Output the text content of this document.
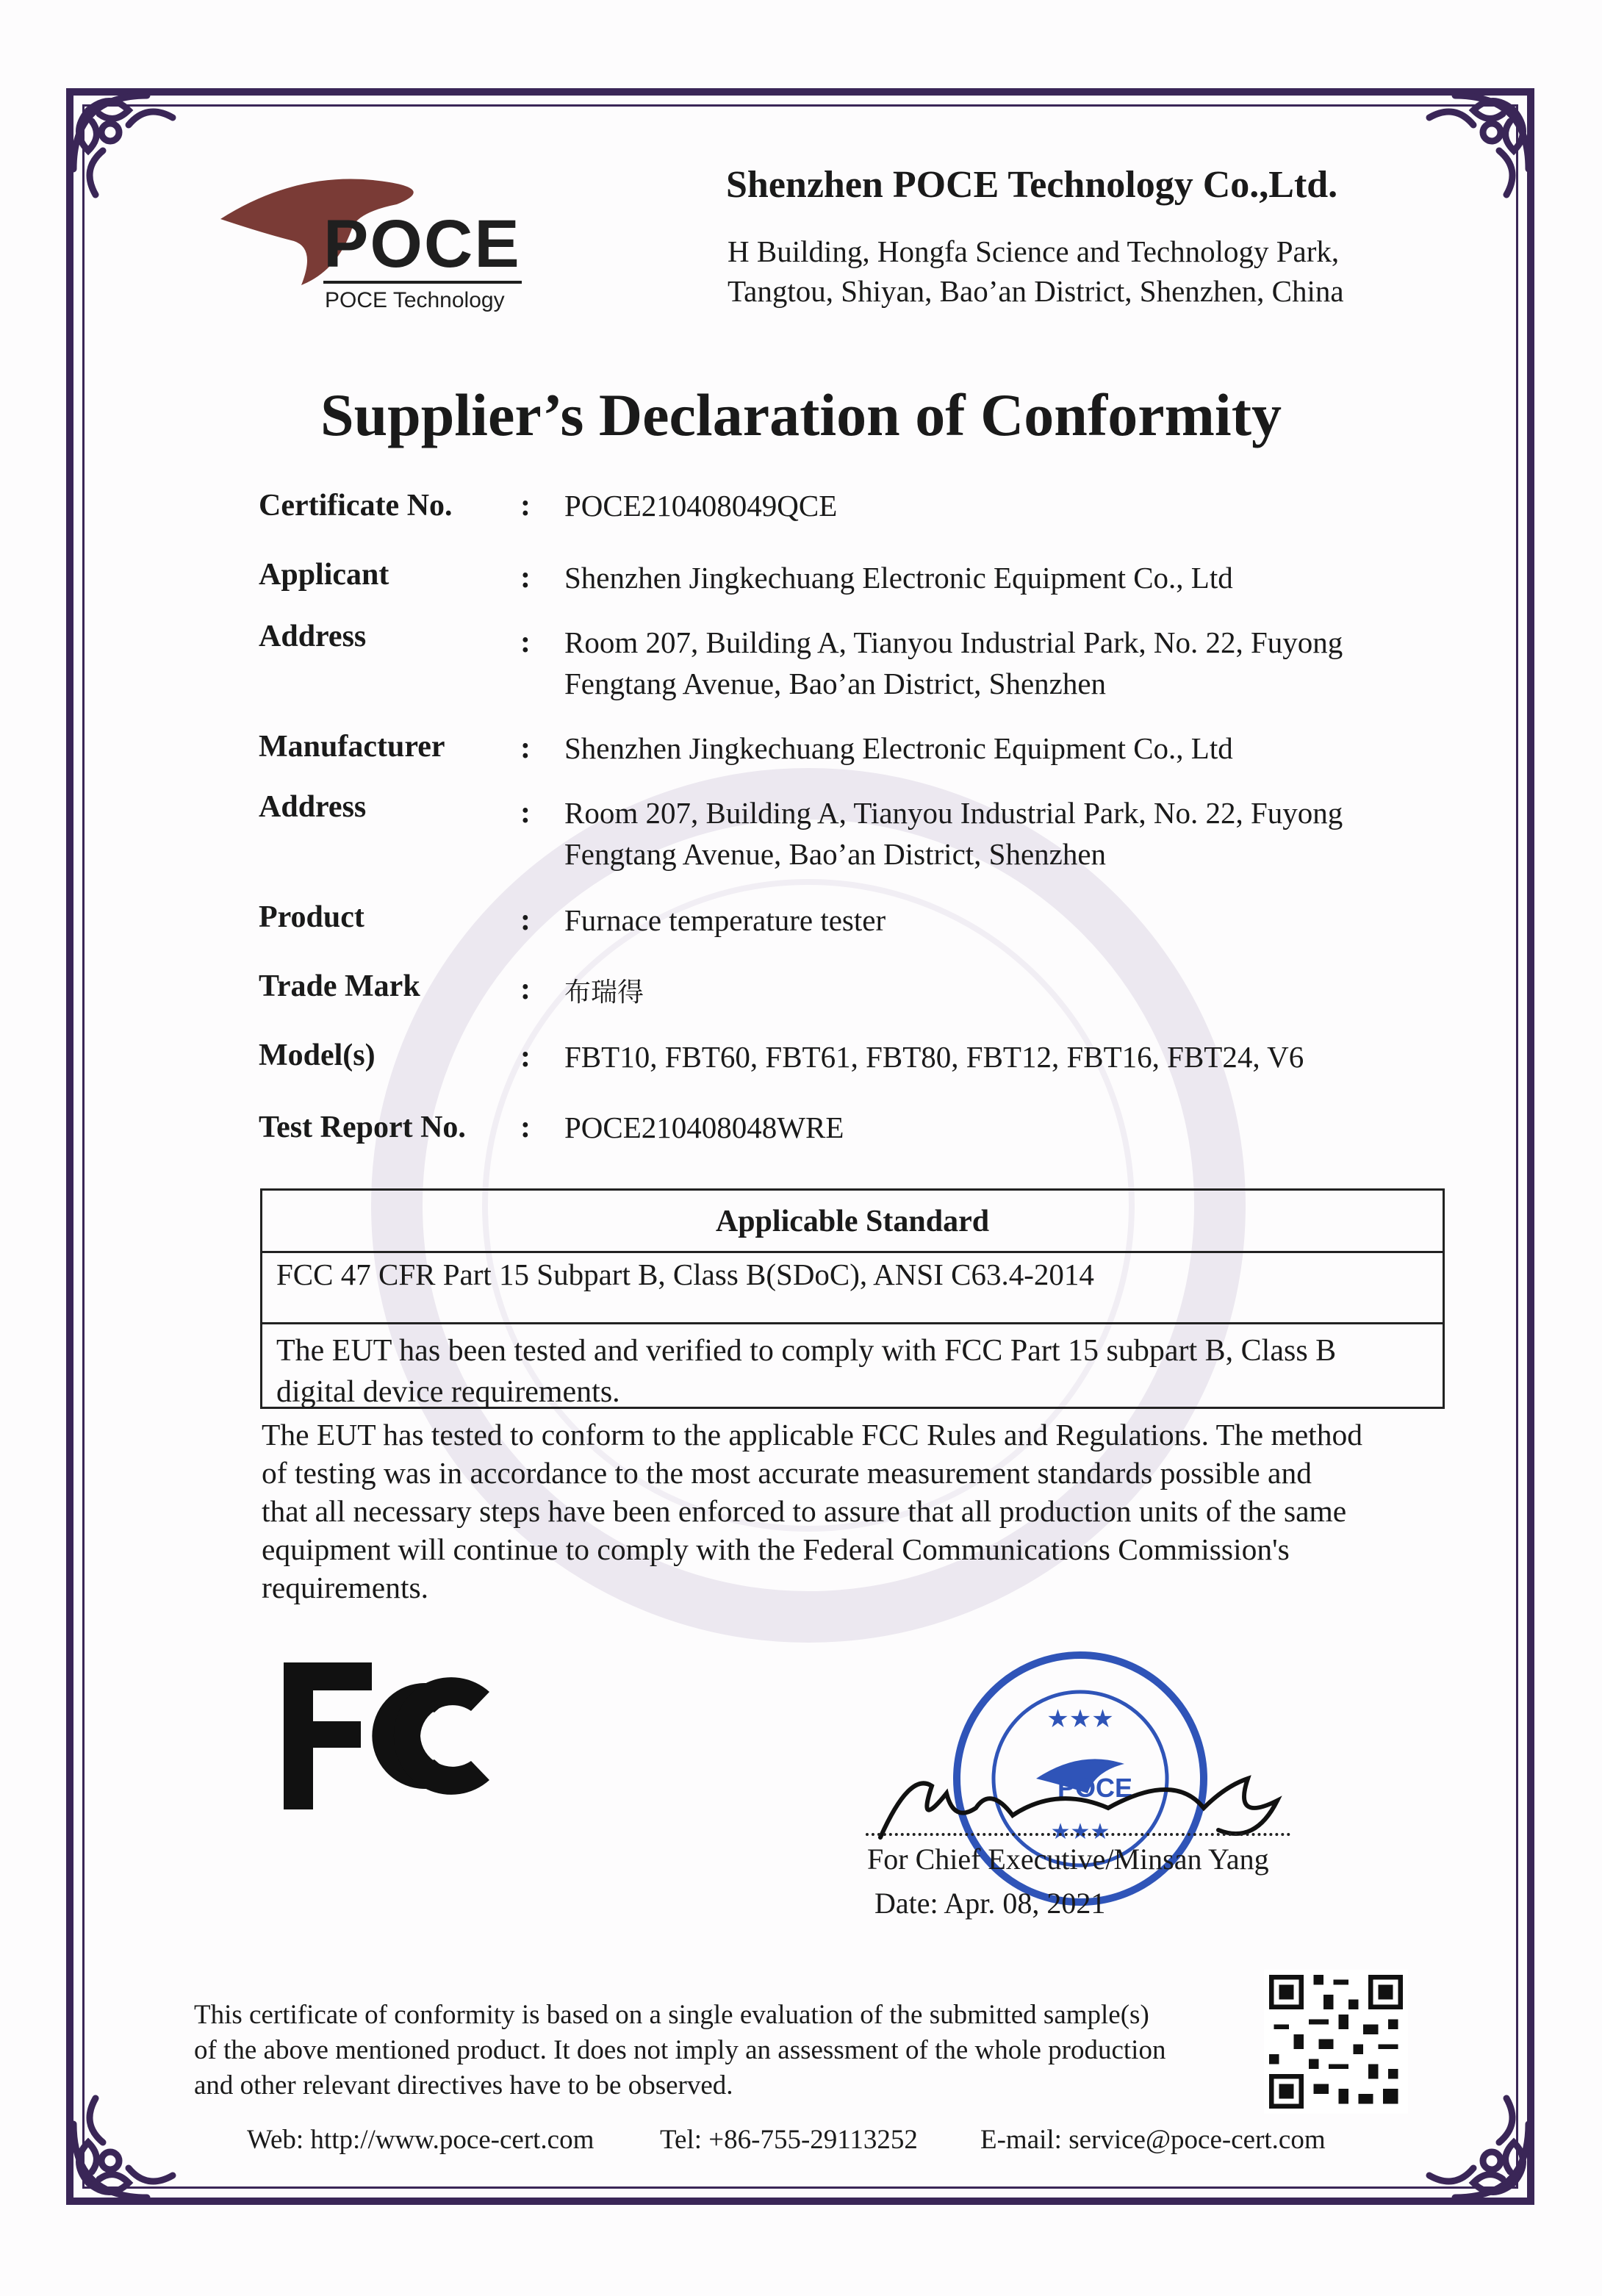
POCE
POCE Technology
Shenzhen POCE Technology Co.,Ltd.
H Building, Hongfa Science and Technology Park,
Tangtou, Shiyan, Bao’an District, Shenzhen, China
Supplier’s Declaration of Conformity
Certificate No. : POCE210408049QCE
Applicant	: Shenzhen Jingkechuang Electronic Equipment Co., Ltd
Address	: Room 207, Building A, Tianyou Industrial Park, No. 22, Fuyong
Fengtang Avenue, Bao’an District, Shenzhen
Manufacturer : Shenzhen Jingkechuang Electronic Equipment Co., Ltd
Address	: Room 207, Building A, Tianyou Industrial Park, No. 22, Fuyong
Fengtang Avenue, Bao’an District, Shenzhen
Product	: Furnace temperature tester
Trade Mark	: 布瑞得
Model(s)	: FBT10, FBT60, FBT61, FBT80, FBT12, FBT16, FBT24, V6
Test Report No. : POCE210408048WRE
Applicable Standard
FCC 47 CFR Part 15 Subpart B, Class B(SDoC), ANSI C63.4-2014
The EUT has been tested and verified to comply with FCC Part 15 subpart B, Class B
digital device requirements.
The EUT has tested to conform to the applicable FCC Rules and Regulations. The method
of testing was in accordance to the most accurate measurement standards possible and
that all necessary steps have been enforced to assure that all production units of the same
equipment will continue to comply with the Federal Communications Commission's
requirements.
★★★
POCE
★★★
For Chief Executive/Minsan Yang
Date: Apr. 08, 2021
This certificate of conformity is based on a single evaluation of the submitted sample(s)
of the above mentioned product. It does not imply an assessment of the whole production
and other relevant directives have to be observed.
Web: http://www.poce-cert.com Tel: +86-755-29113252 E-mail: service@poce-cert.com
